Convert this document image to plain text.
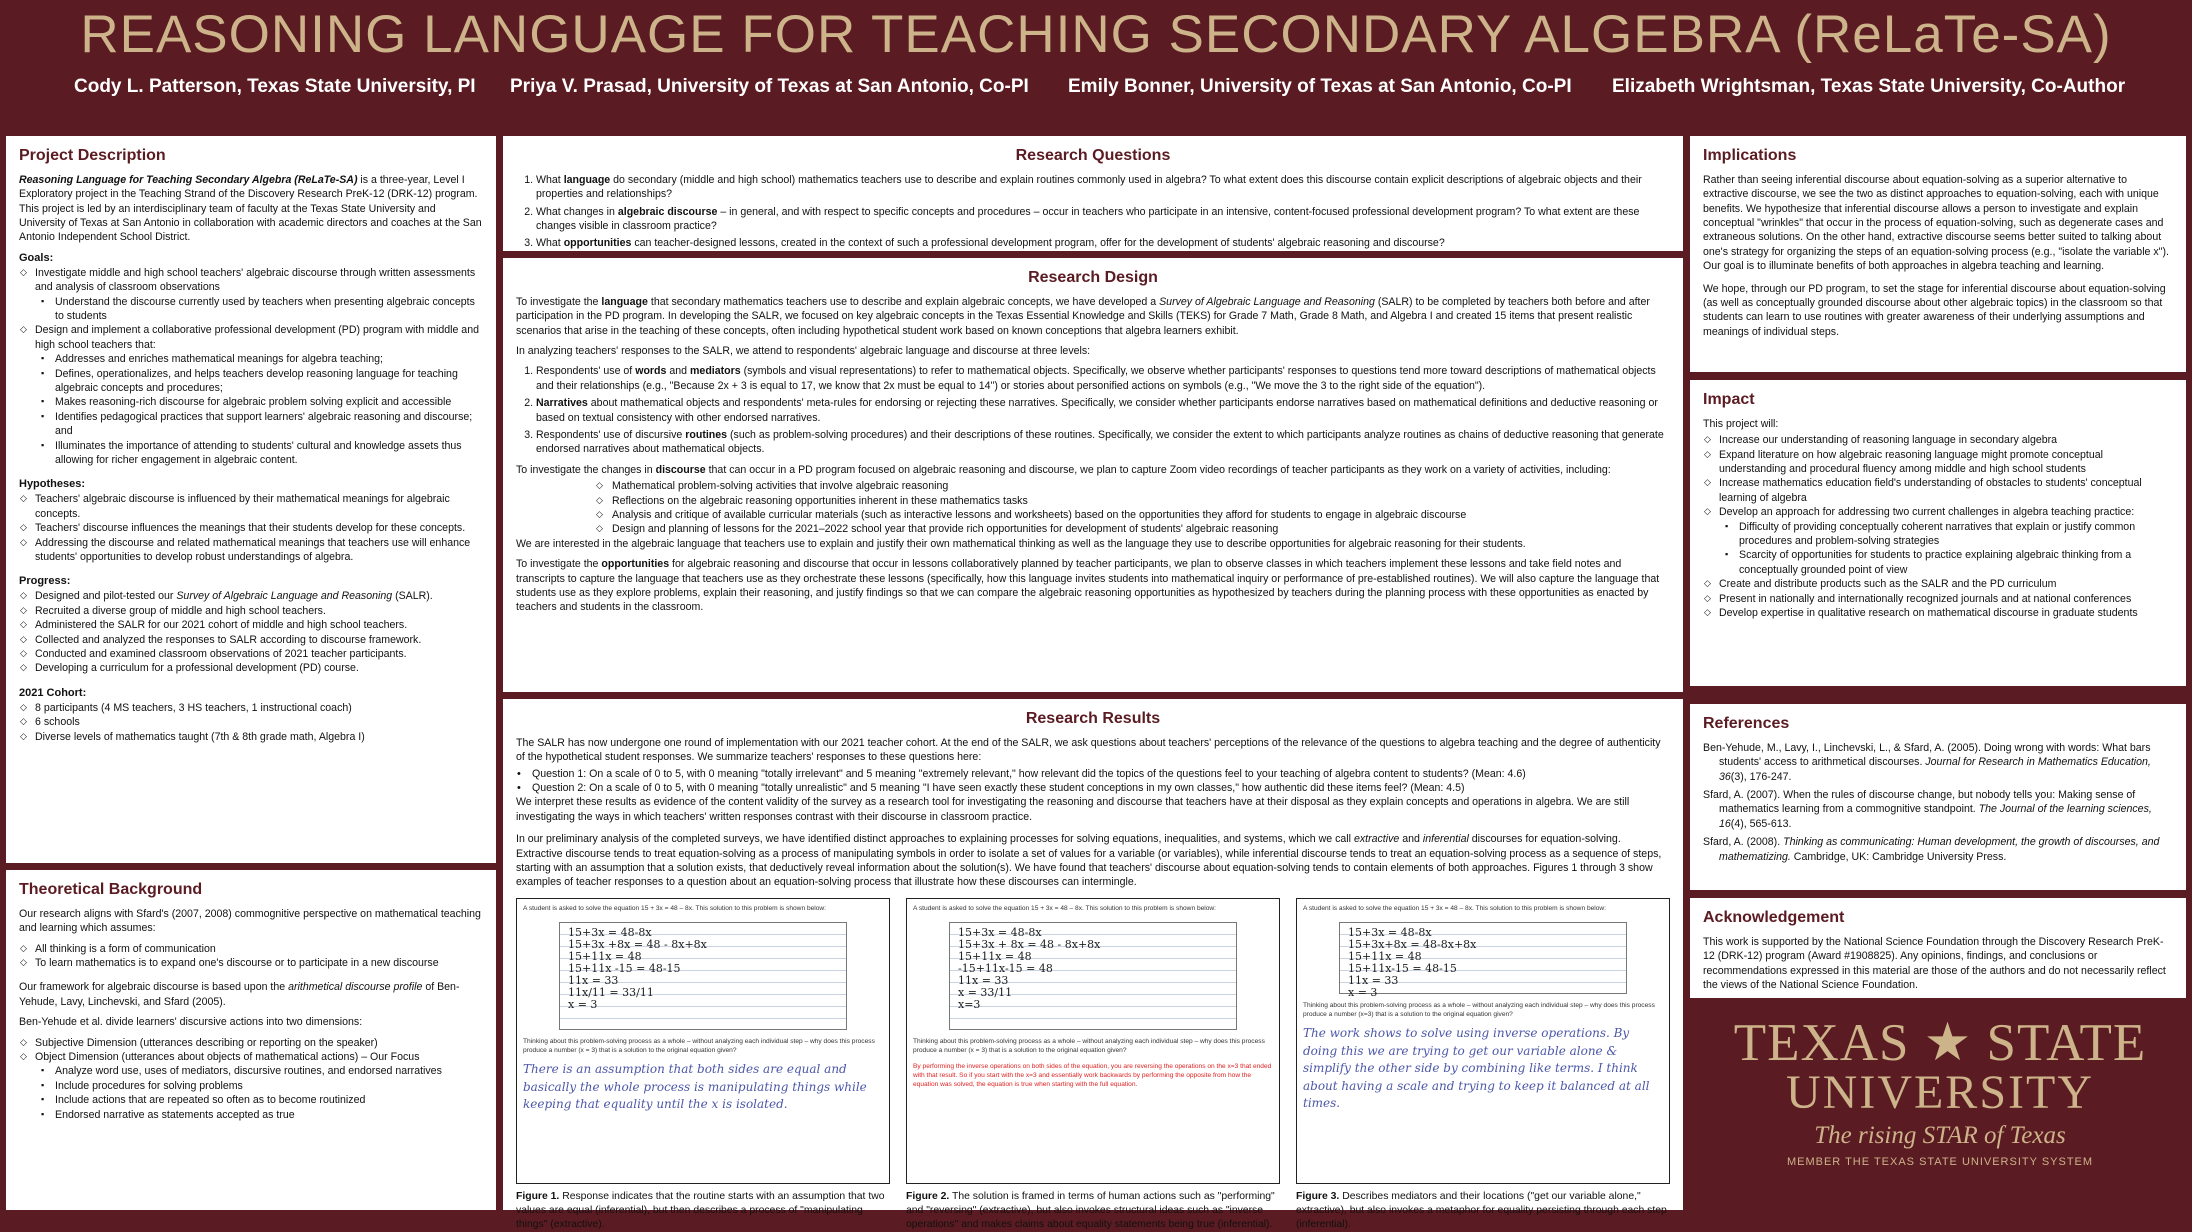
REASONING LANGUAGE FOR TEACHING SECONDARY ALGEBRA (ReLaTe-SA)
Cody L. Patterson, Texas State University, PI Priya V. Prasad, University of Texas at San Antonio, Co-PI Emily Bonner, University of Texas at San Antonio, Co-PI Elizabeth Wrightsman, Texas State University, Co-Author
Project Description

Reasoning Language for Teaching Secondary Algebra (ReLaTe-SA) is a three-year, Level I Exploratory project in the Teaching Strand of the Discovery Research PreK-12 (DRK-12) program. This project is led by an interdisciplinary team of faculty at the Texas State University and University of Texas at San Antonio in collaboration with academic directors and coaches at the San Antonio Independent School District.

Goals:
◇ Investigate middle and high school teachers' algebraic discourse through written assessments and analysis of classroom observations
▪ Understand the discourse currently used by teachers when presenting algebraic concepts to students
◇ Design and implement a collaborative professional development (PD) program with middle and high school teachers that:
▪ Addresses and enriches mathematical meanings for algebra teaching;
▪ Defines, operationalizes, and helps teachers develop reasoning language for teaching algebraic concepts and procedures;
▪ Makes reasoning-rich discourse for algebraic problem solving explicit and accessible
▪ Identifies pedagogical practices that support learners' algebraic reasoning and discourse; and
▪ Illuminates the importance of attending to students' cultural and knowledge assets thus allowing for richer engagement in algebraic content.
Hypotheses:
◇ Teachers' algebraic discourse is influenced by their mathematical meanings for algebraic concepts.
◇ Teachers' discourse influences the meanings that their students develop for these concepts.
◇ Addressing the discourse and related mathematical meanings that teachers use will enhance students' opportunities to develop robust understandings of algebra.
Progress:
◇ Designed and pilot-tested our Survey of Algebraic Language and Reasoning (SALR).
◇ Recruited a diverse group of middle and high school teachers.
◇ Administered the SALR for our 2021 cohort of middle and high school teachers.
◇ Collected and analyzed the responses to SALR according to discourse framework.
◇ Conducted and examined classroom observations of 2021 teacher participants.
◇ Developing a curriculum for a professional development (PD) course.
2021 Cohort:
◇ 8 participants (4 MS teachers, 3 HS teachers, 1 instructional coach)
◇ 6 schools
◇ Diverse levels of mathematics taught (7th & 8th grade math, Algebra I)
Theoretical Background

Our research aligns with Sfard's (2007, 2008) commognitive perspective on mathematical teaching and learning which assumes:

◇ All thinking is a form of communication
◇ To learn mathematics is to expand one's discourse or to participate in a new discourse

Our framework for algebraic discourse is based upon the arithmetical discourse profile of Ben-Yehude, Lavy, Linchevski, and Sfard (2005).

Ben-Yehude et al. divide learners' discursive actions into two dimensions:

◇ Subjective Dimension (utterances describing or reporting on the speaker)
◇ Object Dimension (utterances about objects of mathematical actions) – Our Focus
▪ Analyze word use, uses of mediators, discursive routines, and endorsed narratives
▪ Include procedures for solving problems
▪ Include actions that are repeated so often as to become routinized
▪ Endorsed narrative as statements accepted as true
Research Questions
1. What language do secondary (middle and high school) mathematics teachers use to describe and explain routines commonly used in algebra? To what extent does this discourse contain explicit descriptions of algebraic objects and their properties and relationships?
2. What changes in algebraic discourse – in general, and with respect to specific concepts and procedures – occur in teachers who participate in an intensive, content-focused professional development program? To what extent are these changes visible in classroom practice?
3. What opportunities can teacher-designed lessons, created in the context of such a professional development program, offer for the development of students' algebraic reasoning and discourse?
Research Design

To investigate the language that secondary mathematics teachers use to describe and explain algebraic concepts, we have developed a Survey of Algebraic Language and Reasoning (SALR) to be completed by teachers both before and after participation in the PD program. In developing the SALR, we focused on key algebraic concepts in the Texas Essential Knowledge and Skills (TEKS) for Grade 7 Math, Grade 8 Math, and Algebra I and created 15 items that present realistic scenarios that arise in the teaching of these concepts, often including hypothetical student work based on known conceptions that algebra learners exhibit.

In analyzing teachers' responses to the SALR, we attend to respondents' algebraic language and discourse at three levels:

1. Respondents' use of words and mediators (symbols and visual representations) to refer to mathematical objects. Specifically, we observe whether participants' responses to questions tend more toward descriptions of mathematical objects and their relationships (e.g., "Because 2x + 3 is equal to 17, we know that 2x must be equal to 14") or stories about personified actions on symbols (e.g., "We move the 3 to the right side of the equation").
2. Narratives about mathematical objects and respondents' meta-rules for endorsing or rejecting these narratives. Specifically, we consider whether participants endorse narratives based on mathematical definitions and deductive reasoning or based on textual consistency with other endorsed narratives.
3. Respondents' use of discursive routines (such as problem-solving procedures) and their descriptions of these routines. Specifically, we consider the extent to which participants analyze routines as chains of deductive reasoning that generate endorsed narratives about mathematical objects.

To investigate the changes in discourse that can occur in a PD program focused on algebraic reasoning and discourse, we plan to capture Zoom video recordings of teacher participants as they work on a variety of activities, including:

◇ Mathematical problem-solving activities that involve algebraic reasoning
◇ Reflections on the algebraic reasoning opportunities inherent in these mathematics tasks
◇ Analysis and critique of available curricular materials (such as interactive lessons and worksheets) based on the opportunities they afford for students to engage in algebraic discourse
◇ Design and planning of lessons for the 2021–2022 school year that provide rich opportunities for development of students' algebraic reasoning

We are interested in the algebraic language that teachers use to explain and justify their own mathematical thinking as well as the language they use to describe opportunities for algebraic reasoning for their students.

To investigate the opportunities for algebraic reasoning and discourse that occur in lessons collaboratively planned by teacher participants, we plan to observe classes in which teachers implement these lessons and take field notes and transcripts to capture the language that teachers use as they orchestrate these lessons (specifically, how this language invites students into mathematical inquiry or performance of pre-established routines). We will also capture the language that students use as they explore problems, explain their reasoning, and justify findings so that we can compare the algebraic reasoning opportunities as hypothesized by teachers during the planning process with these opportunities as enacted by teachers and students in the classroom.

Research Results

The SALR has now undergone one round of implementation with our 2021 teacher cohort. At the end of the SALR, we ask questions about teachers' perceptions of the relevance of the questions to algebra teaching and the degree of authenticity of the hypothetical student responses. We summarize teachers' responses to these questions here:

• Question 1: On a scale of 0 to 5, with 0 meaning "totally irrelevant" and 5 meaning "extremely relevant," how relevant did the topics of the questions feel to your teaching of algebra content to students? (Mean: 4.6)
• Question 2: On a scale of 0 to 5, with 0 meaning "totally unrealistic" and 5 meaning "I have seen exactly these student conceptions in my own classes," how authentic did these items feel? (Mean: 4.5)

We interpret these results as evidence of the content validity of the survey as a research tool for investigating the reasoning and discourse that teachers have at their disposal as they explain concepts and operations in algebra. We are still investigating the ways in which teachers' written responses contrast with their discourse in classroom practice.

In our preliminary analysis of the completed surveys, we have identified distinct approaches to explaining processes for solving equations, inequalities, and systems, which we call extractive and inferential discourses for equation-solving. Extractive discourse tends to treat equation-solving as a process of manipulating symbols in order to isolate a set of values for a variable (or variables), while inferential discourse tends to treat an equation-solving process as a sequence of steps, starting with an assumption that a solution exists, that deductively reveal information about the solution(s). We have found that teachers' discourse about equation-solving tends to contain elements of both approaches. Figures 1 through 3 show examples of teacher responses to a question about an equation-solving process that illustrate how these discourses can intermingle.

A student is asked to solve the equation 15 + 3x = 48 – 8x. This solution to this problem is shown below:
15+3x = 48-8x
15+3x +8x = 48 - 8x+8x
15+11x = 48
15+11x -15 = 48-15
11x = 33
11x/11 = 33/11
x = 3
Thinking about this problem-solving process as a whole – without analyzing each individual step – why does this process produce a number (x = 3) that is a solution to the original equation given?
There is an assumption that both sides are equal and basically the whole process is manipulating things while keeping that equality until the x is isolated.
Figure 1. Response indicates that the routine starts with an assumption that two values are equal (inferential), but then describes a process of "manipulating things" (extractive).
A student is asked to solve the equation 15 + 3x = 48 – 8x. This solution to this problem is shown below:
15+3x = 48-8x
15+3x + 8x = 48 - 8x+8x
15+11x = 48
-15+11x-15 = 48
11x = 33
x = 33/11
x=3
Thinking about this problem-solving process as a whole – without analyzing each individual step – why does this process produce a number (x = 3) that is a solution to the original equation given?
By performing the inverse operations on both sides of the equation, you are reversing the operations on the x=3 that ended with that result. So if you start with the x=3 and essentially work backwards by performing the opposite from how the equation was solved, the equation is true when starting with the full equation.
Figure 2. The solution is framed in terms of human actions such as "performing" and "reversing" (extractive), but also invokes structural ideas such as "inverse operations" and makes claims about equality statements being true (inferential).
A student is asked to solve the equation 15 + 3x = 48 – 8x. This solution to this problem is shown below:
15+3x = 48-8x
15+3x+8x = 48-8x+8x
15+11x = 48
15+11x-15 = 48-15
11x = 33
x = 3
Thinking about this problem-solving process as a whole – without analyzing each individual step – why does this process produce a number (x=3) that is a solution to the original equation given?
The work shows to solve using inverse operations. By doing this we are trying to get our variable alone & simplify the other side by combining like terms. I think about having a scale and trying to keep it balanced at all times.
Figure 3. Describes mediators and their locations ("get our variable alone," extractive), but also invokes a metaphor for equality persisting through each step (inferential).
Implications

Rather than seeing inferential discourse about equation-solving as a superior alternative to extractive discourse, we see the two as distinct approaches to equation-solving, each with unique benefits. We hypothesize that inferential discourse allows a person to investigate and explain conceptual "wrinkles" that occur in the process of equation-solving, such as degenerate cases and extraneous solutions. On the other hand, extractive discourse seems better suited to talking about one's strategy for organizing the steps of an equation-solving process (e.g., "isolate the variable x"). Our goal is to illuminate benefits of both approaches in algebra teaching and learning.

We hope, through our PD program, to set the stage for inferential discourse about equation-solving (as well as conceptually grounded discourse about other algebraic topics) in the classroom so that students can learn to use routines with greater awareness of their underlying assumptions and meanings of individual steps.

Impact

This project will:

◇ Increase our understanding of reasoning language in secondary algebra
◇ Expand literature on how algebraic reasoning language might promote conceptual understanding and procedural fluency among middle and high school students
◇ Increase mathematics education field's understanding of obstacles to students' conceptual learning of algebra
◇ Develop an approach for addressing two current challenges in algebra teaching practice:
▪ Difficulty of providing conceptually coherent narratives that explain or justify common procedures and problem-solving strategies
▪ Scarcity of opportunities for students to practice explaining algebraic thinking from a conceptually grounded point of view
◇ Create and distribute products such as the SALR and the PD curriculum
◇ Present in nationally and internationally recognized journals and at national conferences
◇ Develop expertise in qualitative research on mathematical discourse in graduate students
References
Ben-Yehude, M., Lavy, I., Linchevski, L., & Sfard, A. (2005). Doing wrong with words: What bars students' access to arithmetical discourses. Journal for Research in Mathematics Education, 36(3), 176-247.
Sfard, A. (2007). When the rules of discourse change, but nobody tells you: Making sense of mathematics learning from a commognitive standpoint. The Journal of the learning sciences, 16(4), 565-613.
Sfard, A. (2008). Thinking as communicating: Human development, the growth of discourses, and mathematizing. Cambridge, UK: Cambridge University Press.
Acknowledgement

This work is supported by the National Science Foundation through the Discovery Research PreK-12 (DRK-12) program (Award #1908825). Any opinions, findings, and conclusions or recommendations expressed in this material are those of the authors and do not necessarily reflect the views of the National Science Foundation.

TEXAS ★ STATE
UNIVERSITY
The rising STAR of Texas
MEMBER THE TEXAS STATE UNIVERSITY SYSTEM
